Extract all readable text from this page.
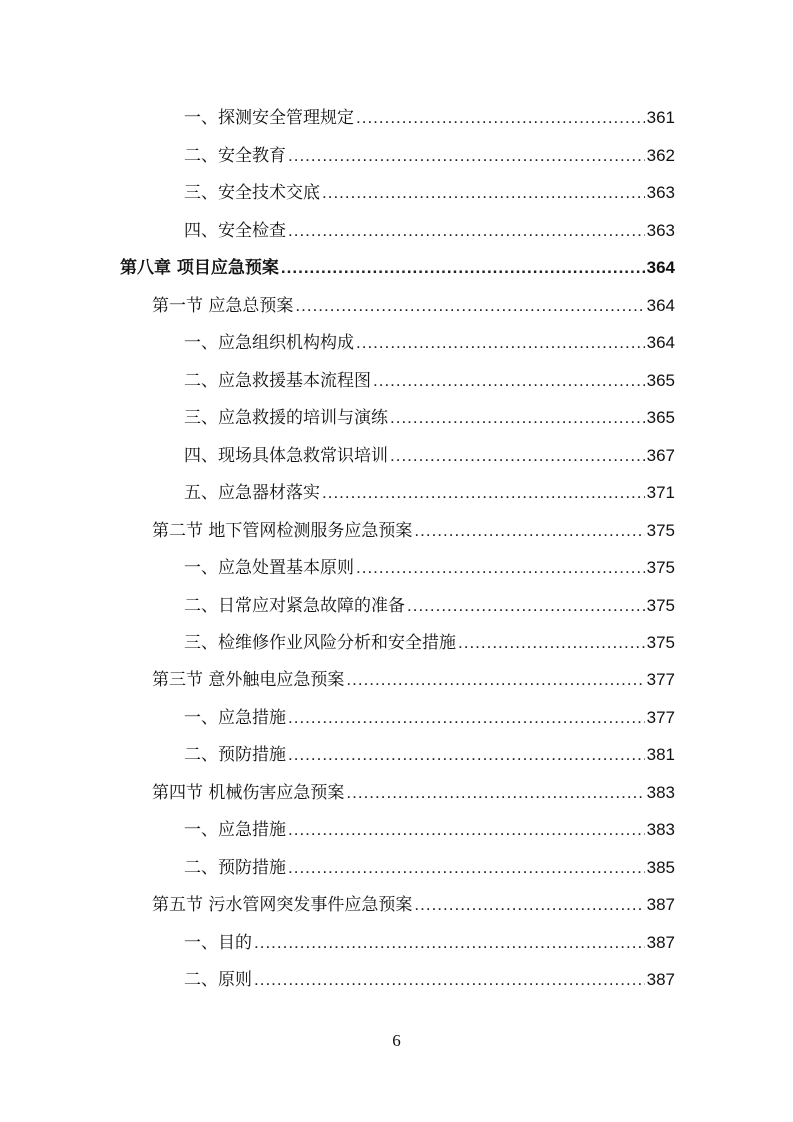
一、探测安全管理规定 .....	361
二、安全教育 .....	362
三、安全技术交底 .....	363
四、安全检查 .....	363
第八章 项目应急预案 .....	364
第一节 应急总预案 .....	364
一、应急组织机构构成 .....	364
二、应急救援基本流程图 .....	365
三、应急救援的培训与演练 .....	365
四、现场具体急救常识培训 .....	367
五、应急器材落实 .....	371
第二节 地下管网检测服务应急预案 .....	375
一、应急处置基本原则 .....	375
二、日常应对紧急故障的准备 .....	375
三、检维修作业风险分析和安全措施 .....	375
第三节 意外触电应急预案 .....	377
一、应急措施 .....	377
二、预防措施 .....	381
第四节 机械伤害应急预案 .....	383
一、应急措施 .....	383
二、预防措施 .....	385
第五节 污水管网突发事件应急预案 .....	387
一、目的 .....	387
二、原则 .....	387
6
